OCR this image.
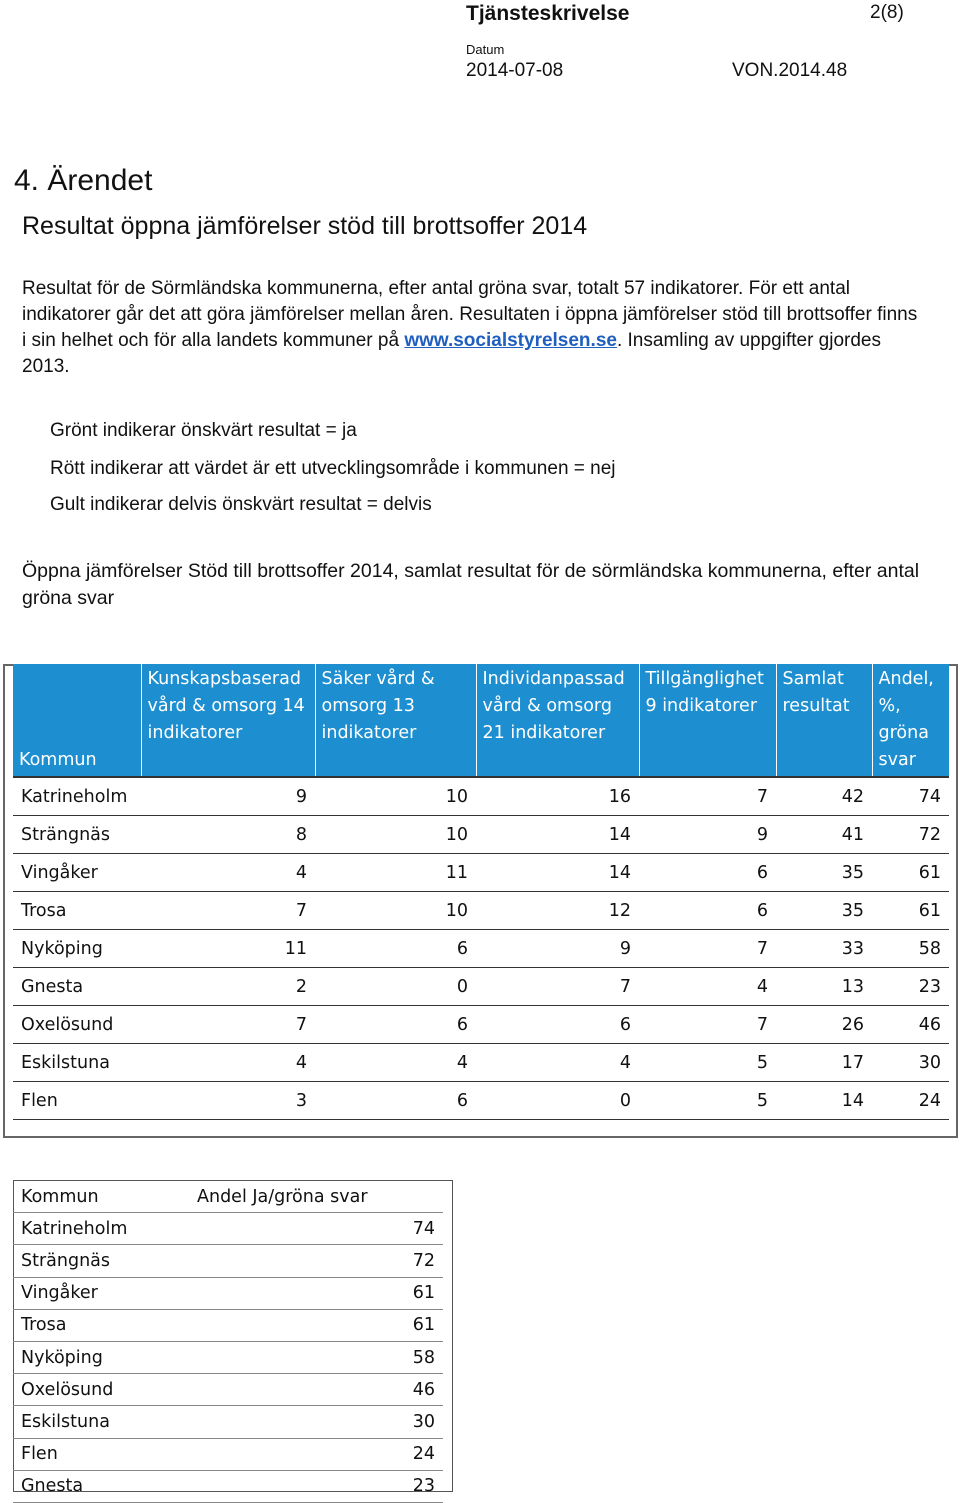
Tjänsteskrivelse	2(8)
Datum
2014-07-08	VON.2014.48
4. Ärendet
Resultat öppna jämförelser stöd till brottsoffer 2014
Resultat för de Sörmländska kommunerna, efter antal gröna svar, totalt 57 indikatorer. För ett antal indikatorer går det att göra jämförelser mellan åren. Resultaten i öppna jämförelser stöd till brottsoffer finns i sin helhet och för alla landets kommuner på www.socialstyrelsen.se. Insamling av uppgifter gjordes 2013.
Grönt indikerar önskvärt resultat = ja
Rött indikerar att värdet är ett utvecklingsområde i kommunen = nej
Gult indikerar delvis önskvärt resultat = delvis
Öppna jämförelser Stöd till brottsoffer 2014, samlat resultat för de sörmländska kommunerna, efter antal gröna svar
Kommun	Kunskapsbaserad vård & omsorg 14 indikatorer	Säker vård & omsorg 13 indikatorer	Individanpassad vård & omsorg 21 indikatorer	Tillgänglighet 9 indikatorer	Samlat resultat	Andel, %, gröna svar
Katrineholm	9	10	16	7	42	74
Strängnäs	8	10	14	9	41	72
Vingåker	4	11	14	6	35	61
Trosa	7	10	12	6	35	61
Nyköping	11	6	9	7	33	58
Gnesta	2	0	7	4	13	23
Oxelösund	7	6	6	7	26	46
Eskilstuna	4	4	4	5	17	30
Flen	3	6	0	5	14	24
Kommun	Andel Ja/gröna svar
Katrineholm	74
Strängnäs	72
Vingåker	61
Trosa	61
Nyköping	58
Oxelösund	46
Eskilstuna	30
Flen	24
Gnesta	23
